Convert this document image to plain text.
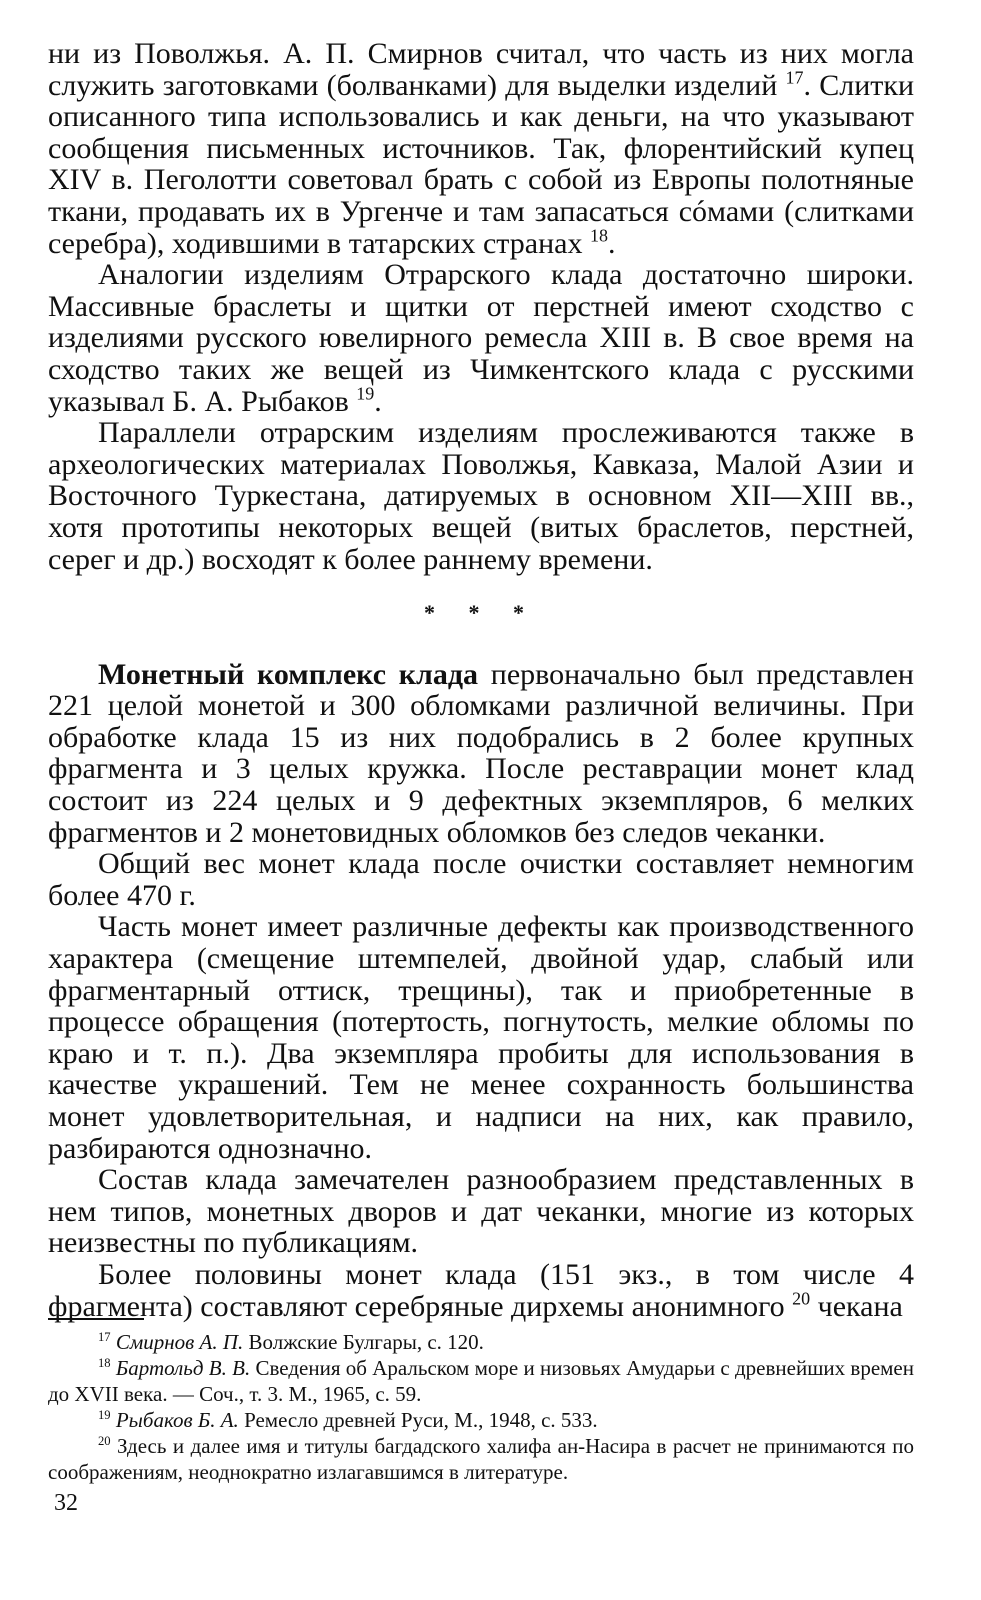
ни из Поволжья. А. П. Смирнов считал, что часть из них могла служить заготовками (болванками) для выделки изделий $^{17}$. Слитки описанного типа использовались и как деньги, на что указывают сообщения письменных источников. Так, флорентийский купец XIV в. Пеголотти советовал брать с собой из Европы полотняные ткани, продавать их в Ургенче и там запасаться сóмами (слитками серебра), ходившими в татарских странах $^{18}$.

Аналогии изделиям Отрарского клада достаточно широки. Массивные браслеты и щитки от перстней имеют сходство с изделиями русского ювелирного ремесла XIII в. В свое время на сходство таких же вещей из Чимкентского клада с русскими указывал Б. А. Рыбаков $^{19}$.

Параллели отрарским изделиям прослеживаются также в археологических материалах Поволжья, Кавказа, Малой Азии и Восточного Туркестана, датируемых в основном XII—XIII вв., хотя прототипы некоторых вещей (витых браслетов, перстней, серег и др.) восходят к более раннему времени.

* * *

Монетный комплекс клада первоначально был представлен 221 целой монетой и 300 обломками различной величины. При обработке клада 15 из них подобрались в 2 более крупных фрагмента и 3 целых кружка. После реставрации монет клад состоит из 224 целых и 9 дефектных экземпляров, 6 мелких фрагментов и 2 монетовидных обломков без следов чеканки.

Общий вес монет клада после очистки составляет немногим более 470 г.

Часть монет имеет различные дефекты как производственного характера (смещение штемпелей, двойной удар, слабый или фрагментарный оттиск, трещины), так и приобретенные в процессе обращения (потертость, погнутость, мелкие обломы по краю и т. п.). Два экземпляра пробиты для использования в качестве украшений. Тем не менее сохранность большинства монет удовлетворительная, и надписи на них, как правило, разбираются однозначно.

Состав клада замечателен разнообразием представленных в нем типов, монетных дворов и дат чеканки, многие из которых неизвестны по публикациям.

Более половины монет клада (151 экз., в том числе 4 фрагмента) составляют серебряные дирхемы анонимного $^{20}$ чекана

$^{17}$ Смирнов А. П. Волжские Булгары, с. 120.

$^{18}$ Бартольд В. В. Сведения об Аральском море и низовьях Амударьи с древнейших времен до XVII века. — Соч., т. 3. М., 1965, с. 59.

$^{19}$ Рыбаков Б. А. Ремесло древней Руси, М., 1948, с. 533.

$^{20}$ Здесь и далее имя и титулы багдадского халифа ан-Насира в расчет не принимаются по соображениям, неоднократно излагавшимся в литературе.

32
